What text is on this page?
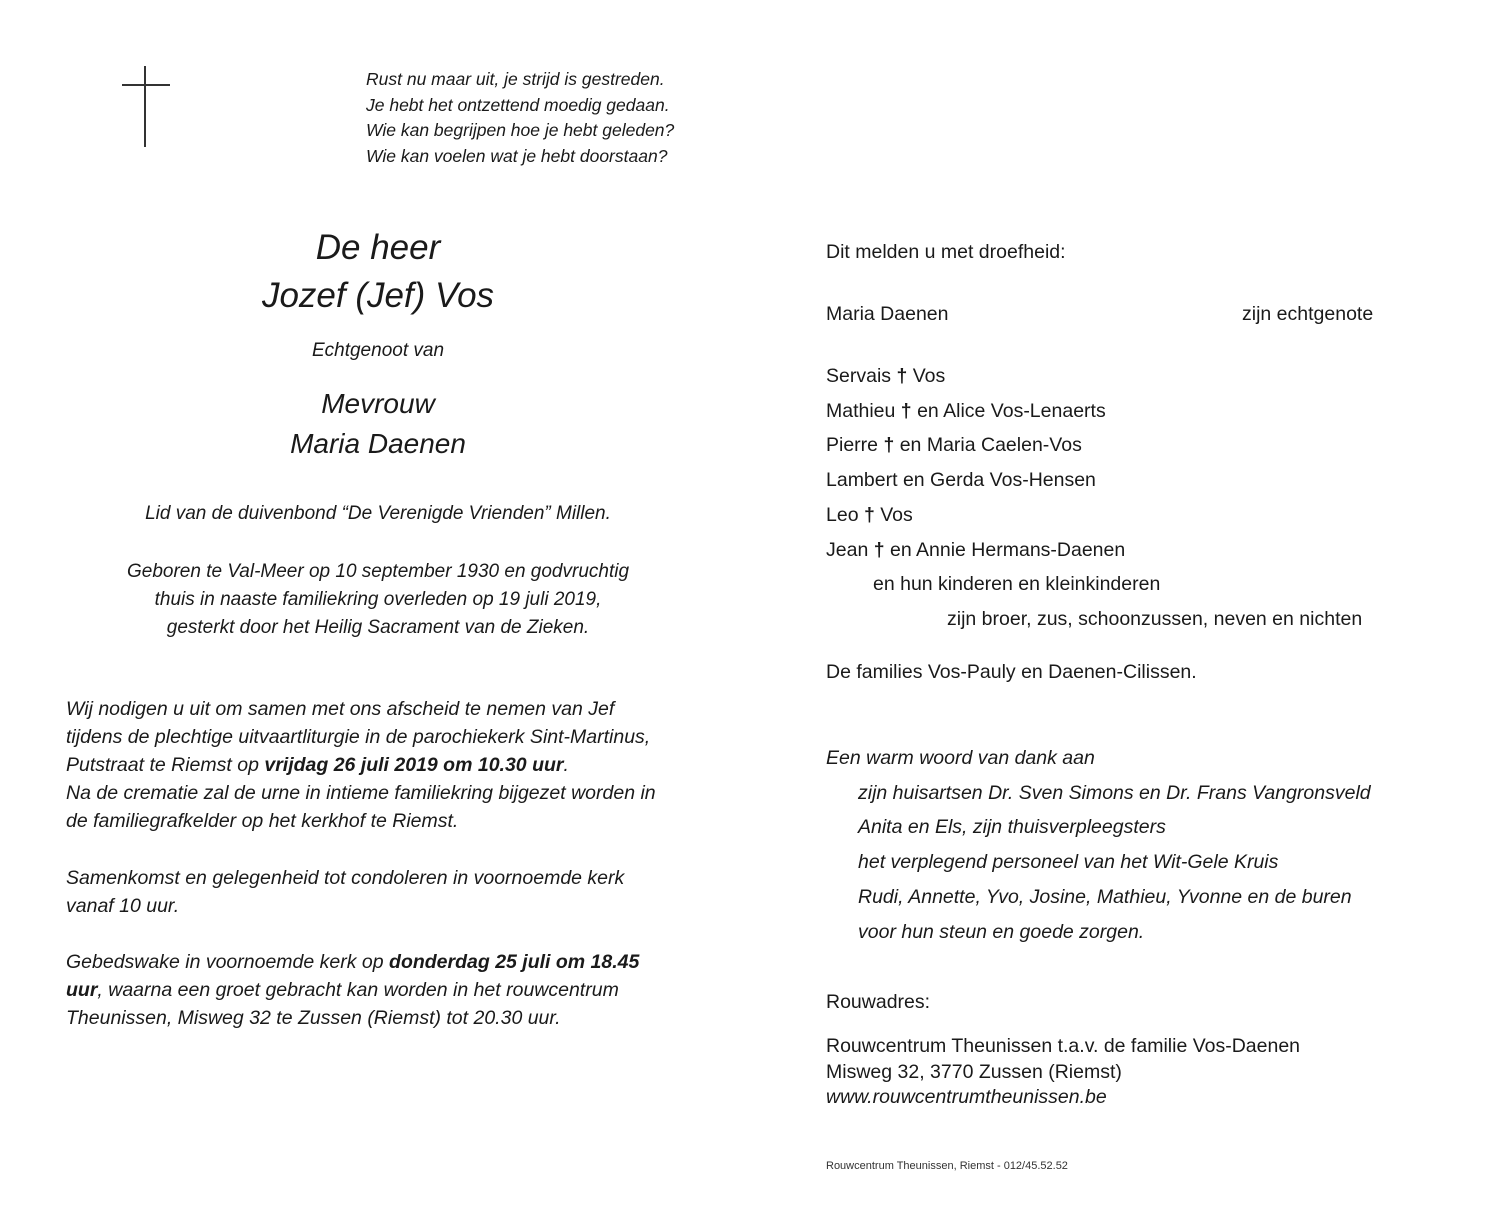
Rust nu maar uit, je strijd is gestreden.
Je hebt het ontzettend moedig gedaan.
Wie kan begrijpen hoe je hebt geleden?
Wie kan voelen wat je hebt doorstaan?
De heer
Jozef (Jef) Vos
Echtgenoot van
Mevrouw
Maria Daenen
Lid van de duivenbond “De Verenigde Vrienden” Millen.
Geboren te Val-Meer op 10 september 1930 en godvruchtig
thuis in naaste familiekring overleden op 19 juli 2019,
gesterkt door het Heilig Sacrament van de Zieken.
Wij nodigen u uit om samen met ons afscheid te nemen van Jef
tijdens de plechtige uitvaartliturgie in de parochiekerk Sint-Martinus,
Putstraat te Riemst op vrijdag 26 juli 2019 om 10.30 uur.
Na de crematie zal de urne in intieme familiekring bijgezet worden in
de familiegrafkelder op het kerkhof te Riemst.
Samenkomst en gelegenheid tot condoleren in voornoemde kerk
vanaf 10 uur.
Gebedswake in voornoemde kerk op donderdag 25 juli om 18.45
uur, waarna een groet gebracht kan worden in het rouwcentrum
Theunissen, Misweg 32 te Zussen (Riemst) tot 20.30 uur.
Dit melden u met droefheid:
Maria Daenen	zijn echtgenote
Servais † Vos
Mathieu † en Alice Vos-Lenaerts
Pierre † en Maria Caelen-Vos
Lambert en Gerda Vos-Hensen
Leo † Vos
Jean † en Annie Hermans-Daenen
en hun kinderen en kleinkinderen
zijn broer, zus, schoonzussen, neven en nichten
De families Vos-Pauly en Daenen-Cilissen.
Een warm woord van dank aan
zijn huisartsen Dr. Sven Simons en Dr. Frans Vangronsveld
Anita en Els, zijn thuisverpleegsters
het verplegend personeel van het Wit-Gele Kruis
Rudi, Annette, Yvo, Josine, Mathieu, Yvonne en de buren
voor hun steun en goede zorgen.
Rouwadres:
Rouwcentrum Theunissen t.a.v. de familie Vos-Daenen
Misweg 32, 3770 Zussen (Riemst)
www.rouwcentrumtheunissen.be
Rouwcentrum Theunissen, Riemst - 012/45.52.52
